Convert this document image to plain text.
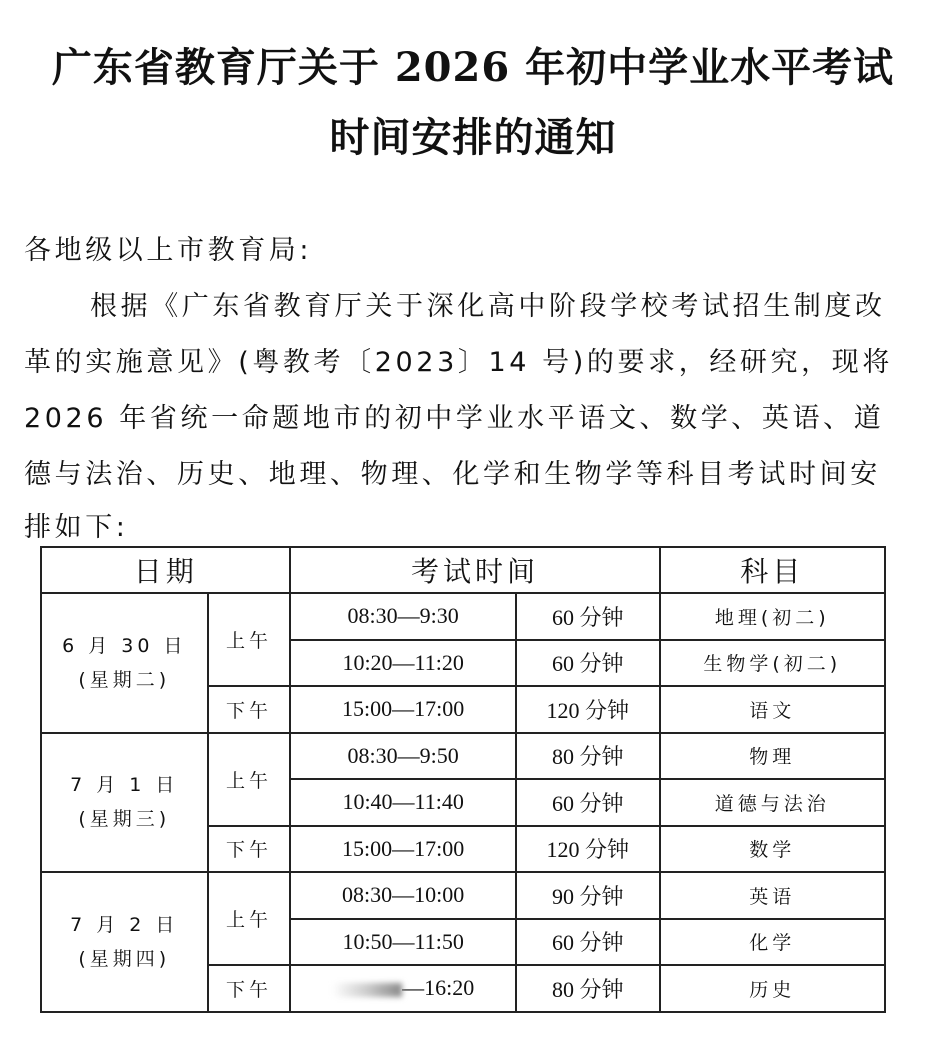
广东省教育厅关于 2026 年初中学业水平考试
时间安排的通知
各地级以上市教育局:
根据《广东省教育厅关于深化高中阶段学校考试招生制度改
革的实施意见》(粤教考〔2023〕14 号)的要求，经研究，现将
2026 年省统一命题地市的初中学业水平语文、数学、英语、道
德与法治、历史、地理、物理、化学和生物学等科目考试时间安
排如下:
日期		考试时间		科目

6 月 30 日
(星期二)	上午	08:30—9:30	60 分钟	地理(初二)
		10:20—11:20	60 分钟	生物学(初二)
	下午	15:00—17:00	120 分钟	语文

7 月 1 日
(星期三)	上午	08:30—9:50	80 分钟	物理
		10:40—11:40	60 分钟	道德与法治
	下午	15:00—17:00	120 分钟	数学

7 月 2 日
(星期四)	上午	08:30—10:00	90 分钟	英语
		10:50—11:50	60 分钟	化学
	下午	—16:20	80 分钟	历史
